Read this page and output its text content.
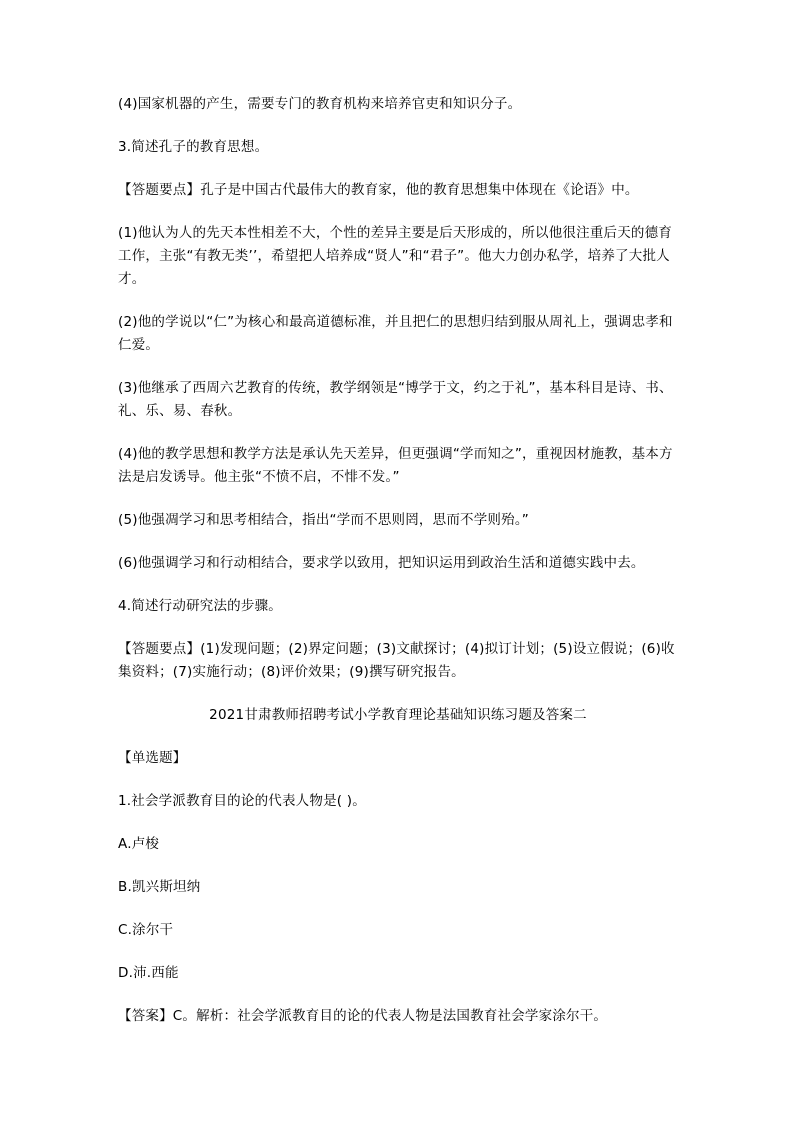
(4)国家机器的产生，需要专门的教育机构来培养官吏和知识分子。

3.简述孔子的教育思想。

【答题要点】孔子是中国古代最伟大的教育家，他的教育思想集中体现在《论语》中。

(1)他认为人的先天本性相差不大，个性的差异主要是后天形成的，所以他很注重后天的德育工作，主张“有教无类’’，希望把人培养成“贤人”和“君子”。他大力创办私学，培养了大批人才。

(2)他的学说以“仁”为核心和最高道德标准，并且把仁的思想归结到服从周礼上，强调忠孝和仁爱。

(3)他继承了西周六艺教育的传统，教学纲领是“博学于文，约之于礼”，基本科目是诗、书、礼、乐、易、春秋。

(4)他的教学思想和教学方法是承认先天差异，但更强调“学而知之”，重视因材施教，基本方法是启发诱导。他主张“不愤不启，不悱不发。”

(5)他强凋学习和思考相结合，指出“学而不思则罔，思而不学则殆。”

(6)他强调学习和行动相结合，要求学以致用，把知识运用到政治生活和道德实践中去。

4.简述行动研究法的步骤。

【答题要点】(1)发现问题；(2)界定问题；(3)文献探讨；(4)拟订计划；(5)设立假说；(6)收集资料；(7)实施行动；(8)评价效果；(9)撰写研究报告。

2021甘肃教师招聘考试小学教育理论基础知识练习题及答案二

【单选题】

1.社会学派教育目的论的代表人物是( )。

A.卢梭

B.凯兴斯坦纳

C.涂尔干

D.沛.西能

【答案】C。解析：社会学派教育目的论的代表人物是法国教育社会学家涂尔干。
